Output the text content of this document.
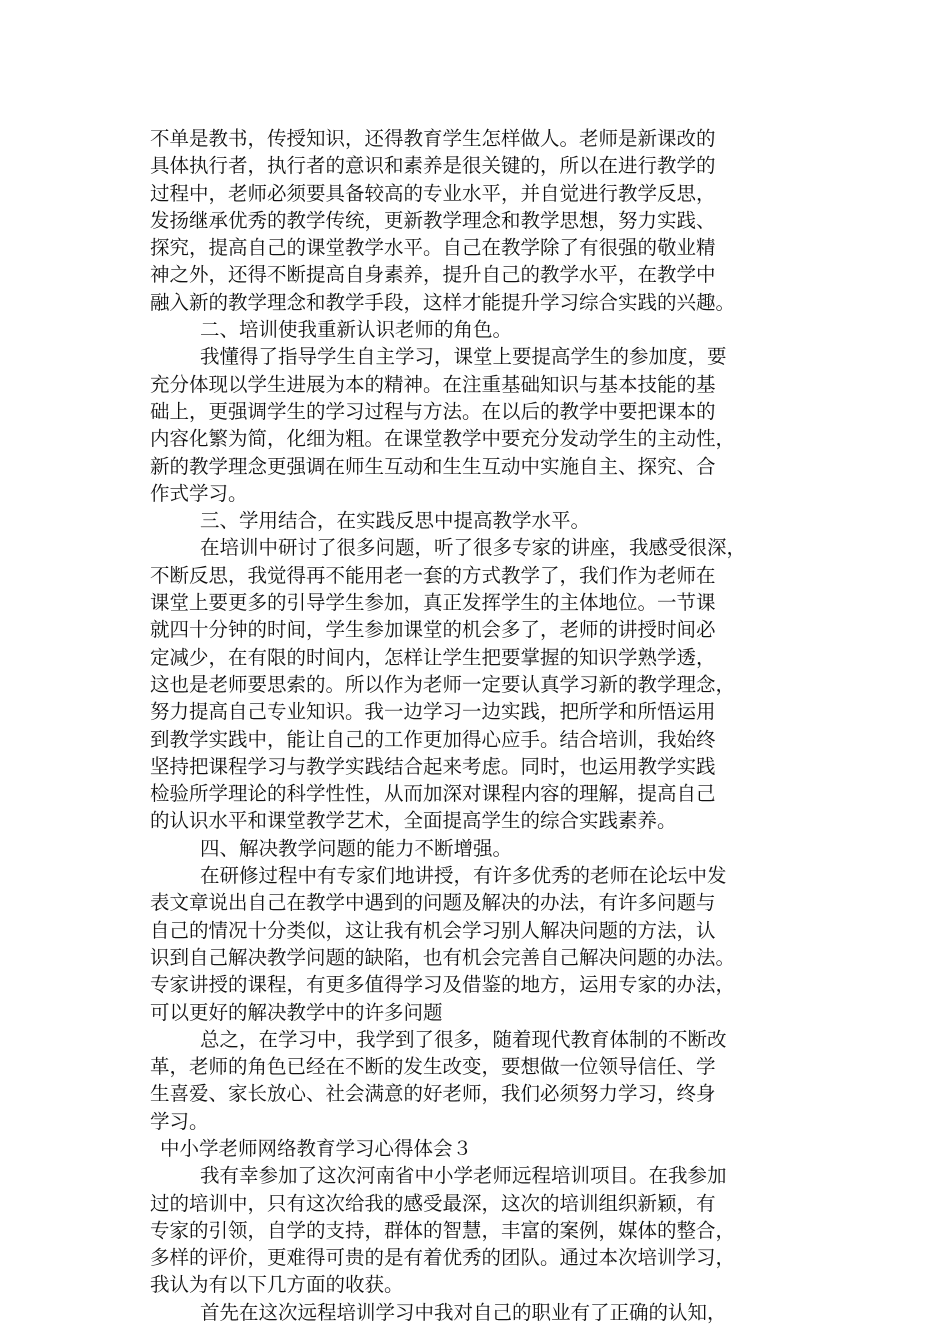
不单是教书，传授知识，还得教育学生怎样做人。老师是新课改的
具体执行者，执行者的意识和素养是很关键的，所以在进行教学的
过程中，老师必须要具备较高的专业水平，并自觉进行教学反思，
发扬继承优秀的教学传统，更新教学理念和教学思想，努力实践、
探究，提高自己的课堂教学水平。自己在教学除了有很强的敬业精
神之外，还得不断提高自身素养，提升自己的教学水平，在教学中
融入新的教学理念和教学手段，这样才能提升学习综合实践的兴趣。
二、培训使我重新认识老师的角色。
我懂得了指导学生自主学习，课堂上要提高学生的参加度，要
充分体现以学生进展为本的精神。在注重基础知识与基本技能的基
础上，更强调学生的学习过程与方法。在以后的教学中要把课本的
内容化繁为简，化细为粗。在课堂教学中要充分发动学生的主动性，
新的教学理念更强调在师生互动和生生互动中实施自主、探究、合
作式学习。
三、学用结合，在实践反思中提高教学水平。
在培训中研讨了很多问题，听了很多专家的讲座，我感受很深，
不断反思，我觉得再不能用老一套的方式教学了，我们作为老师在
课堂上要更多的引导学生参加，真正发挥学生的主体地位。一节课
就四十分钟的时间，学生参加课堂的机会多了，老师的讲授时间必
定减少，在有限的时间内，怎样让学生把要掌握的知识学熟学透，
这也是老师要思索的。所以作为老师一定要认真学习新的教学理念，
努力提高自己专业知识。我一边学习一边实践，把所学和所悟运用
到教学实践中，能让自己的工作更加得心应手。结合培训，我始终
坚持把课程学习与教学实践结合起来考虑。同时，也运用教学实践
检验所学理论的科学性性，从而加深对课程内容的理解，提高自己
的认识水平和课堂教学艺术，全面提高学生的综合实践素养。
四、解决教学问题的能力不断增强。
在研修过程中有专家们地讲授，有许多优秀的老师在论坛中发
表文章说出自己在教学中遇到的问题及解决的办法，有许多问题与
自己的情况十分类似，这让我有机会学习别人解决问题的方法，认
识到自己解决教学问题的缺陷，也有机会完善自己解决问题的办法。
专家讲授的课程，有更多值得学习及借鉴的地方，运用专家的办法，
可以更好的解决教学中的许多问题
总之，在学习中，我学到了很多，随着现代教育体制的不断改
革，老师的角色已经在不断的发生改变，要想做一位领导信任、学
生喜爱、家长放心、社会满意的好老师，我们必须努力学习，终身
学习。
中小学老师网络教育学习心得体会３
我有幸参加了这次河南省中小学老师远程培训项目。在我参加
过的培训中，只有这次给我的感受最深，这次的培训组织新颖，有
专家的引领，自学的支持，群体的智慧，丰富的案例，媒体的整合，
多样的评价，更难得可贵的是有着优秀的团队。通过本次培训学习，
我认为有以下几方面的收获。
首先在这次远程培训学习中我对自己的职业有了正确的认知，
